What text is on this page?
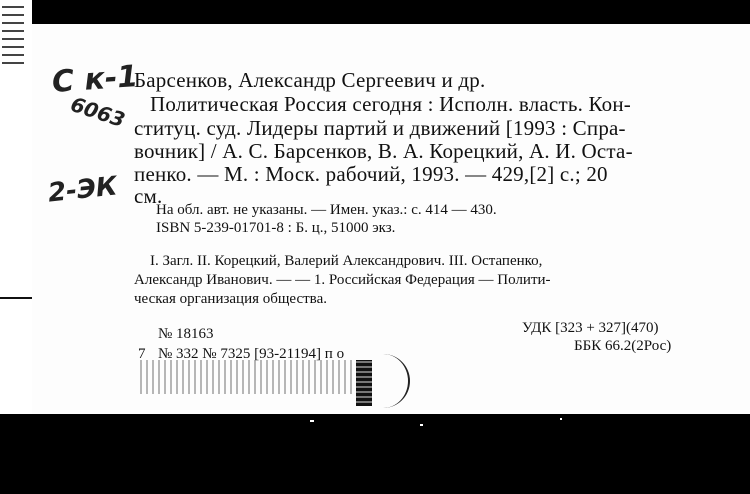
С к-1
6063
2-ЭК
Барсенков, Александр Сергеевич и др.
Политическая Россия сегодня : Исполн. власть. Кон-
ституц. суд. Лидеры партий и движений [1993 : Спра-
вочник] / А. С. Барсенков, В. А. Корецкий, А. И. Оста-
пенко. — М. : Моск. рабочий, 1993. — 429,[2] с.; 20
см.
На обл. авт. не указаны. — Имен. указ.: с. 414 — 430.
ISBN 5-239-01701-8 : Б. ц., 51000 экз.
I. Загл. II. Корецкий, Валерий Александрович. III. Остапенко,
Александр Иванович. — — 1. Российская Федерация — Полити-
ческая организация общества.
№ 18163	УДК [323 + 327](470)
ББК 66.2(2Рос)
7 № 332 № 7325 [93-21194] п о
